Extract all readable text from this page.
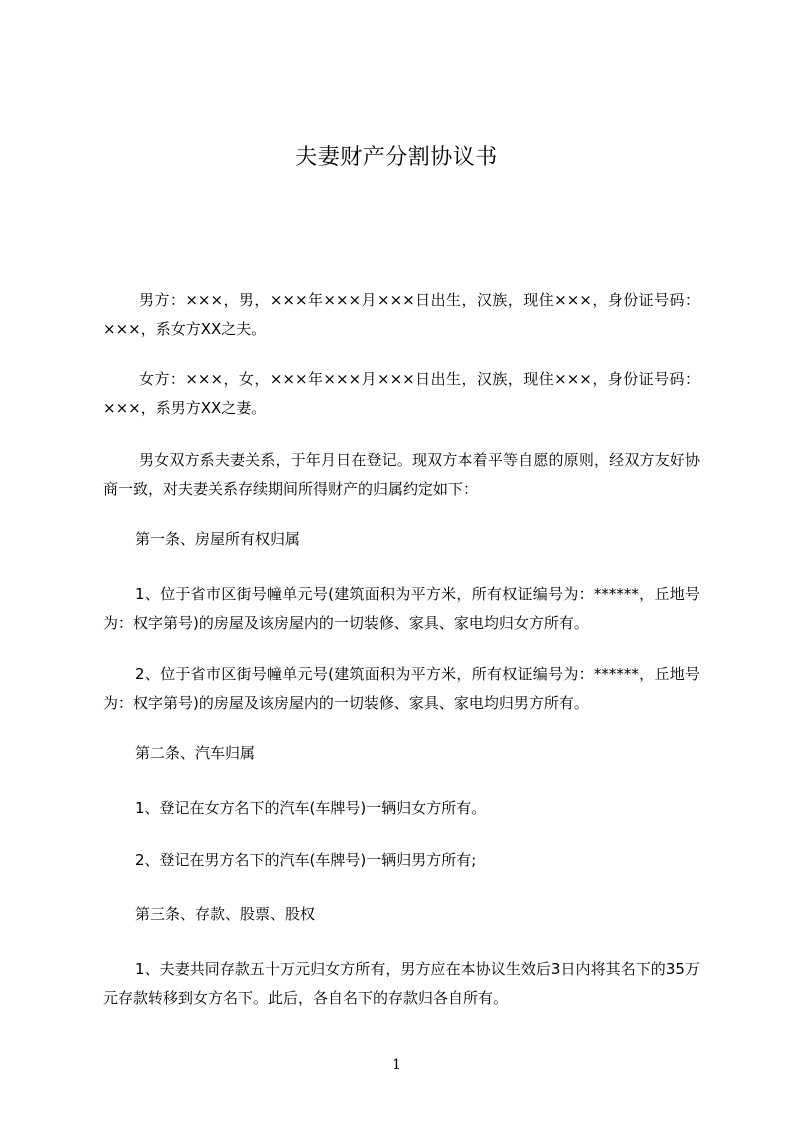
夫妻财产分割协议书
男方：×××，男，×××年×××月×××日出生，汉族，现住×××，身份证号码：×××，系女方XX之夫。
女方：×××，女，×××年×××月×××日出生，汉族，现住×××，身份证号码：×××，系男方XX之妻。
男女双方系夫妻关系，于年月日在登记。现双方本着平等自愿的原则，经双方友好协商一致，对夫妻关系存续期间所得财产的归属约定如下：
第一条、房屋所有权归属
1、位于省市区街号幢单元号(建筑面积为平方米，所有权证编号为：******，丘地号为：权字第号)的房屋及该房屋内的一切装修、家具、家电均归女方所有。
2、位于省市区街号幢单元号(建筑面积为平方米，所有权证编号为：******，丘地号为：权字第号)的房屋及该房屋内的一切装修、家具、家电均归男方所有。
第二条、汽车归属
1、登记在女方名下的汽车(车牌号)一辆归女方所有。
2、登记在男方名下的汽车(车牌号)一辆归男方所有;
第三条、存款、股票、股权
1、夫妻共同存款五十万元归女方所有，男方应在本协议生效后3日内将其名下的35万元存款转移到女方名下。此后，各自名下的存款归各自所有。
1
